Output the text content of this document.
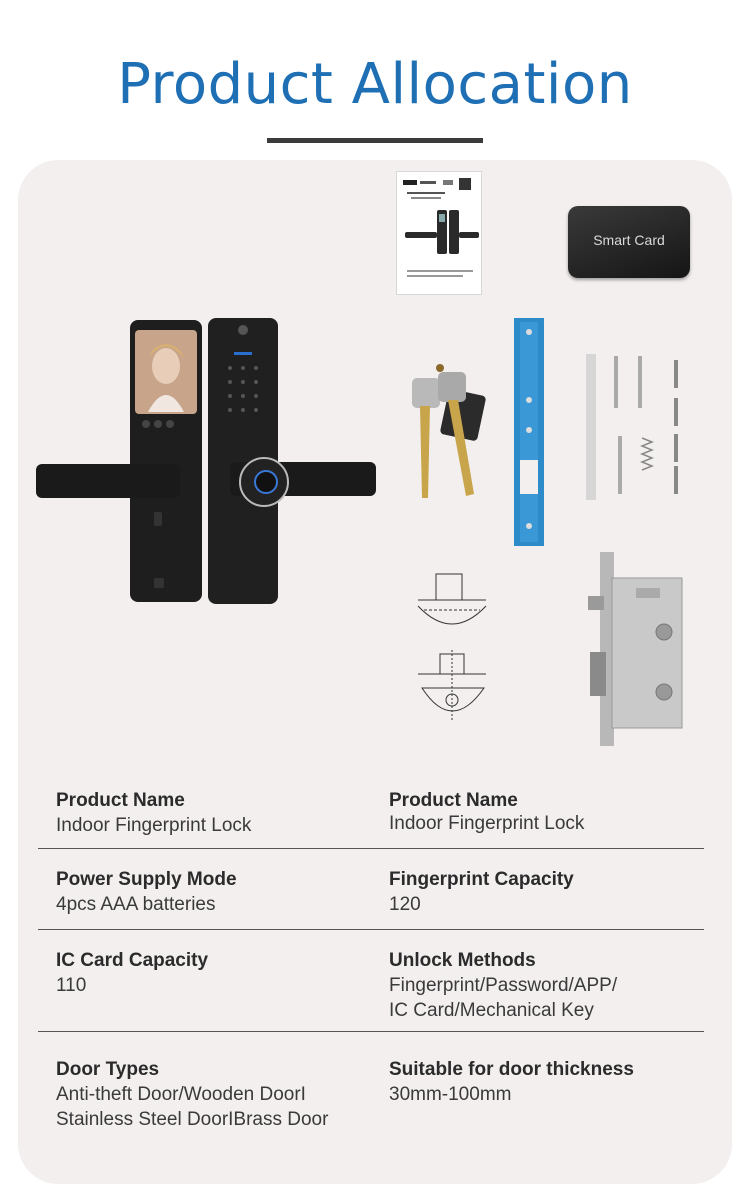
Product Allocation
Smart Card
Product Name
Indoor Fingerprint Lock
Product Name
Indoor Fingerprint Lock
Power Supply Mode
4pcs AAA batteries
Fingerprint Capacity
120
IC Card Capacity
110
Unlock Methods
Fingerprint/Password/APP/
IC Card/Mechanical Key
Door Types
Anti-theft Door/Wooden DoorI
Stainless Steel DoorIBrass Door
Suitable for door thickness
30mm-100mm
